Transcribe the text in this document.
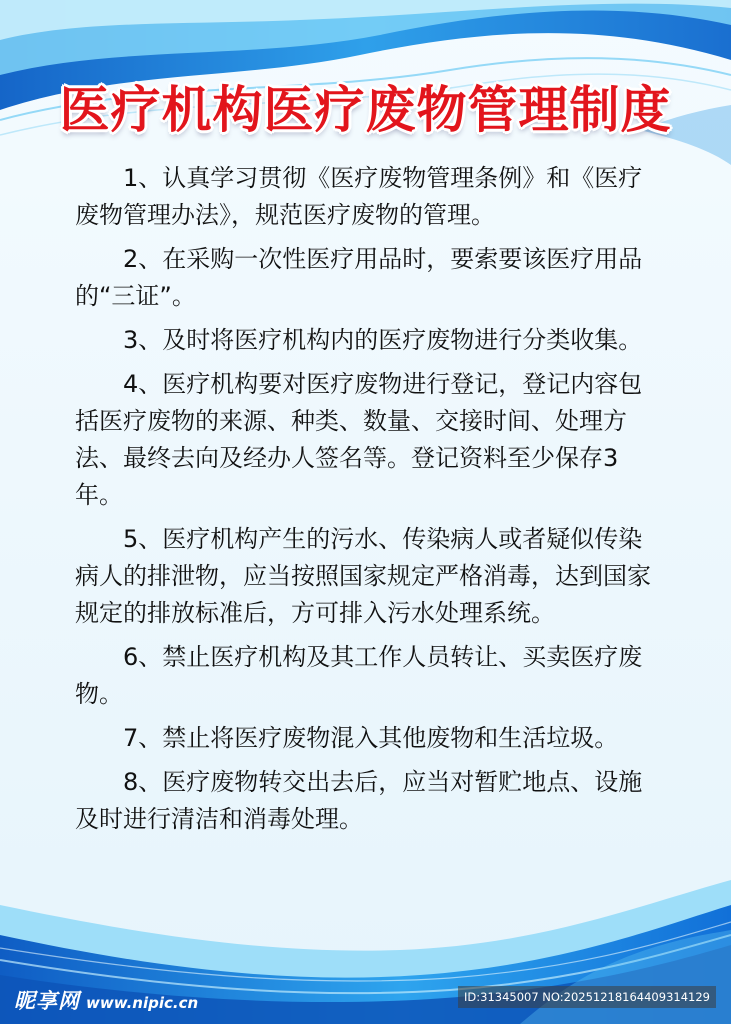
医疗机构医疗废物管理制度

1、认真学习贯彻《医疗废物管理条例》和《医疗废物管理办法》，规范医疗废物的管理。

2、在采购一次性医疗用品时，要索要该医疗用品的“三证”。

3、及时将医疗机构内的医疗废物进行分类收集。

4、医疗机构要对医疗废物进行登记，登记内容包括医疗废物的来源、种类、数量、交接时间、处理方法、最终去向及经办人签名等。登记资料至少保存3年。

5、医疗机构产生的污水、传染病人或者疑似传染病人的排泄物，应当按照国家规定严格消毒，达到国家规定的排放标准后，方可排入污水处理系统。

6、禁止医疗机构及其工作人员转让、买卖医疗废物。

7、禁止将医疗废物混入其他废物和生活垃圾。

8、医疗废物转交出去后，应当对暂贮地点、设施及时进行清洁和消毒处理。

昵享网 www.nipic.cn	ID:31345007 NO:20251218164409314129
